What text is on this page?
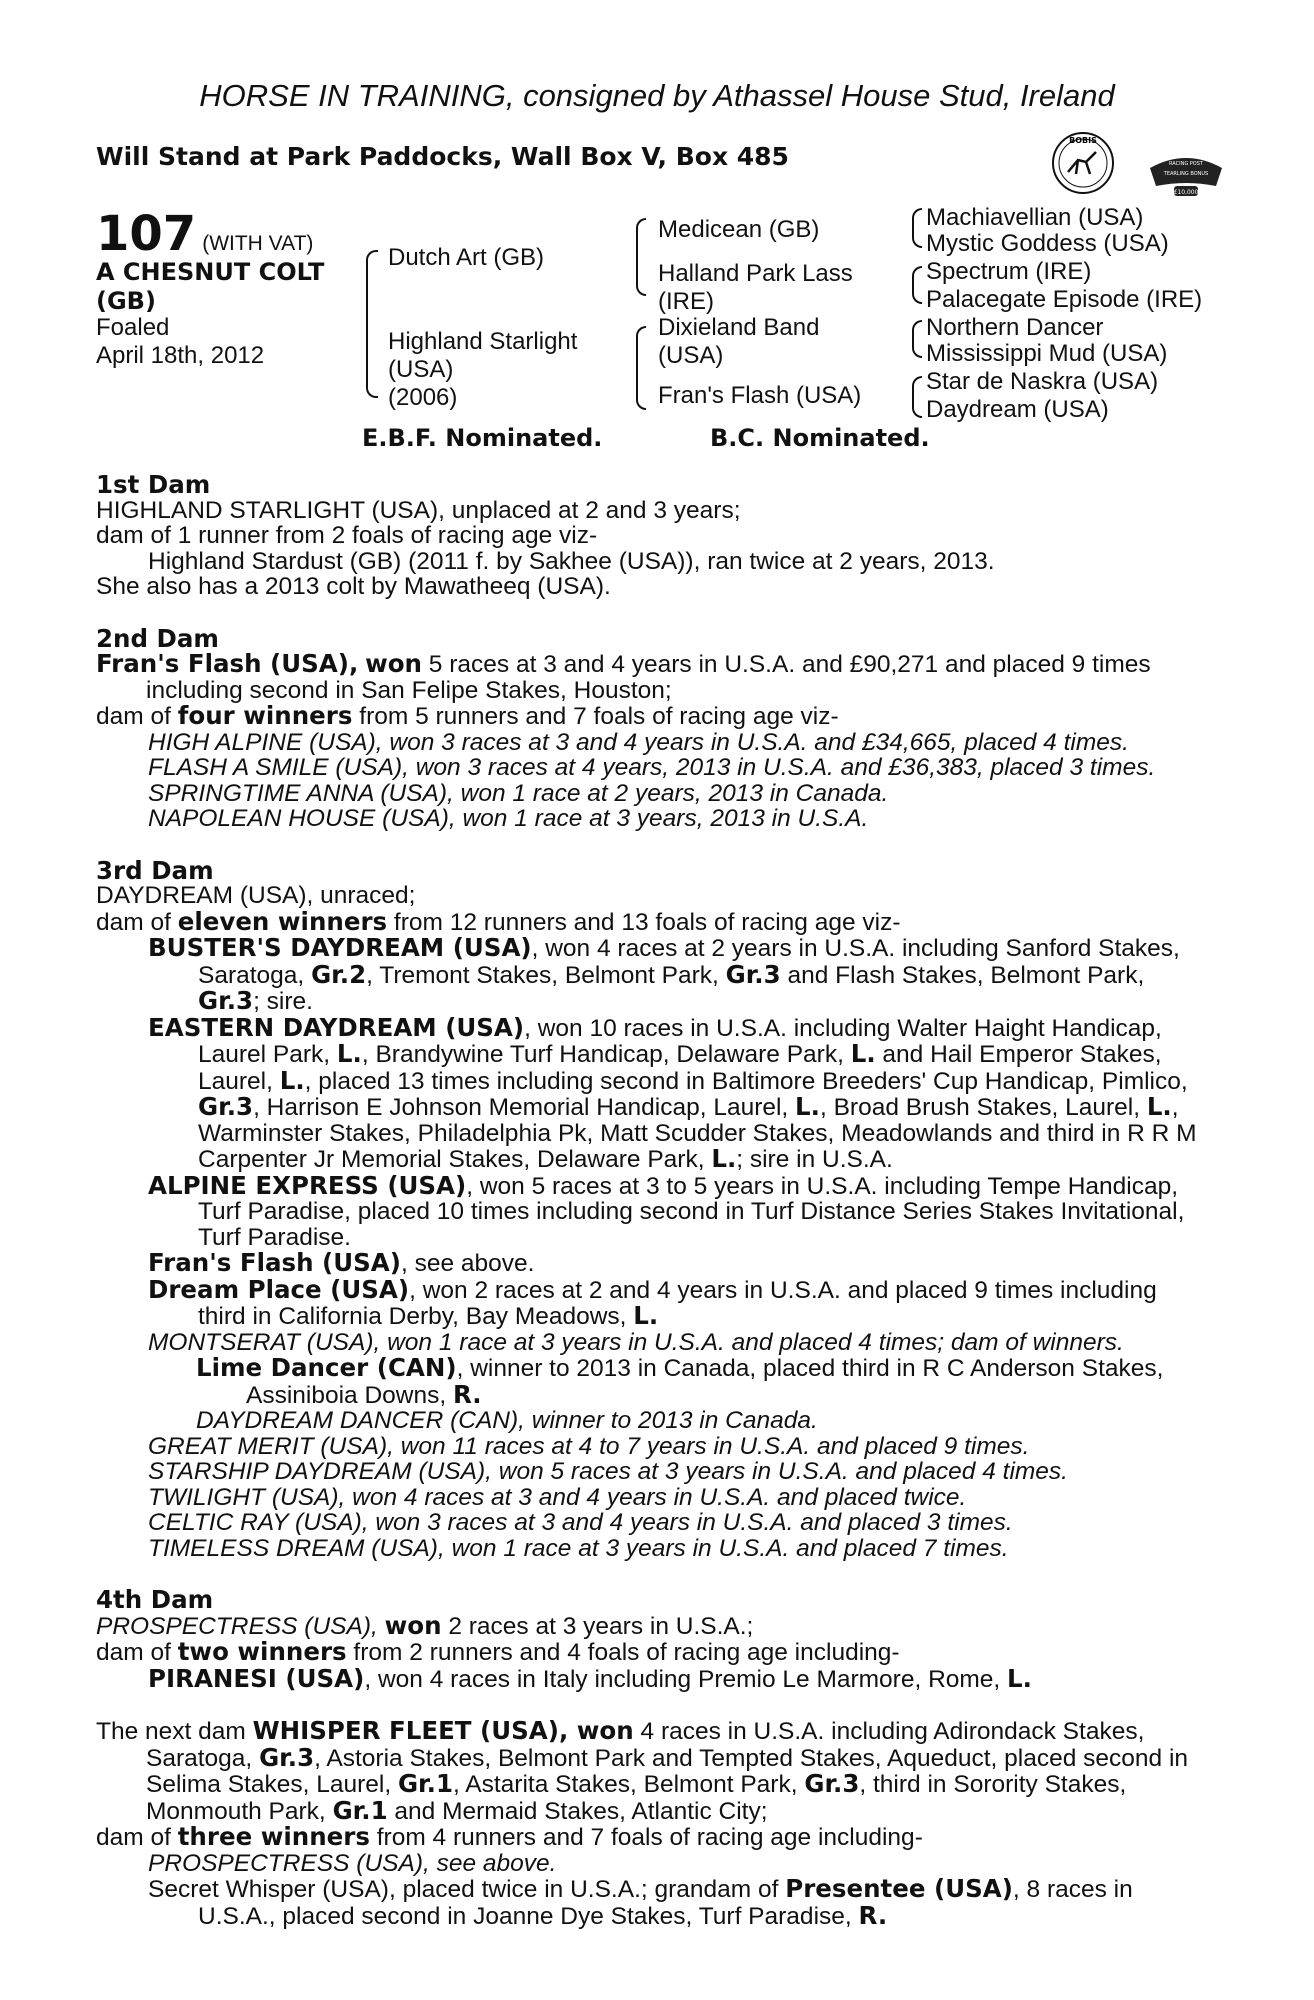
HORSE IN TRAINING, consigned by Athassel House Stud, Ireland
Will Stand at Park Paddocks, Wall Box V, Box 485
BOBIS
RACING POST
TEARLING BONUS
£10,000
107 (WITH VAT)
A CHESNUT COLT
(GB)
Foaled
April 18th, 2012
Dutch Art (GB)
Highland Starlight
(USA)
(2006)
Medicean (GB)
Halland Park Lass
(IRE)
Dixieland Band
(USA)
Fran's Flash (USA)
Machiavellian (USA)
Mystic Goddess (USA)
Spectrum (IRE)
Palacegate Episode (IRE)
Northern Dancer
Mississippi Mud (USA)
Star de Naskra (USA)
Daydream (USA)
E.B.F. Nominated.	B.C. Nominated.

1st Dam

HIGHLAND STARLIGHT (USA), unplaced at 2 and 3 years;

dam of 1 runner from 2 foals of racing age viz-

Highland Stardust (GB) (2011 f. by Sakhee (USA)), ran twice at 2 years, 2013.

She also has a 2013 colt by Mawatheeq (USA).

2nd Dam

Fran's Flash (USA), won 5 races at 3 and 4 years in U.S.A. and £90,271 and placed 9 times including second in San Felipe Stakes, Houston;

dam of four winners from 5 runners and 7 foals of racing age viz-

HIGH ALPINE (USA), won 3 races at 3 and 4 years in U.S.A. and £34,665, placed 4 times.

FLASH A SMILE (USA), won 3 races at 4 years, 2013 in U.S.A. and £36,383, placed 3 times.

SPRINGTIME ANNA (USA), won 1 race at 2 years, 2013 in Canada.

NAPOLEAN HOUSE (USA), won 1 race at 3 years, 2013 in U.S.A.

3rd Dam

DAYDREAM (USA), unraced;

dam of eleven winners from 12 runners and 13 foals of racing age viz-

BUSTER'S DAYDREAM (USA), won 4 races at 2 years in U.S.A. including Sanford Stakes, Saratoga, Gr.2, Tremont Stakes, Belmont Park, Gr.3 and Flash Stakes, Belmont Park, Gr.3; sire.

EASTERN DAYDREAM (USA), won 10 races in U.S.A. including Walter Haight Handicap, Laurel Park, L., Brandywine Turf Handicap, Delaware Park, L. and Hail Emperor Stakes, Laurel, L., placed 13 times including second in Baltimore Breeders' Cup Handicap, Pimlico, Gr.3, Harrison E Johnson Memorial Handicap, Laurel, L., Broad Brush Stakes, Laurel, L., Warminster Stakes, Philadelphia Pk, Matt Scudder Stakes, Meadowlands and third in R R M Carpenter Jr Memorial Stakes, Delaware Park, L.; sire in U.S.A.

ALPINE EXPRESS (USA), won 5 races at 3 to 5 years in U.S.A. including Tempe Handicap, Turf Paradise, placed 10 times including second in Turf Distance Series Stakes Invitational, Turf Paradise.

Fran's Flash (USA), see above.

Dream Place (USA), won 2 races at 2 and 4 years in U.S.A. and placed 9 times including third in California Derby, Bay Meadows, L.

MONTSERAT (USA), won 1 race at 3 years in U.S.A. and placed 4 times; dam of winners.

Lime Dancer (CAN), winner to 2013 in Canada, placed third in R C Anderson Stakes, Assiniboia Downs, R.

DAYDREAM DANCER (CAN), winner to 2013 in Canada.

GREAT MERIT (USA), won 11 races at 4 to 7 years in U.S.A. and placed 9 times.

STARSHIP DAYDREAM (USA), won 5 races at 3 years in U.S.A. and placed 4 times.

TWILIGHT (USA), won 4 races at 3 and 4 years in U.S.A. and placed twice.

CELTIC RAY (USA), won 3 races at 3 and 4 years in U.S.A. and placed 3 times.

TIMELESS DREAM (USA), won 1 race at 3 years in U.S.A. and placed 7 times.

4th Dam

PROSPECTRESS (USA), won 2 races at 3 years in U.S.A.;

dam of two winners from 2 runners and 4 foals of racing age including-

PIRANESI (USA), won 4 races in Italy including Premio Le Marmore, Rome, L.

The next dam WHISPER FLEET (USA), won 4 races in U.S.A. including Adirondack Stakes, Saratoga, Gr.3, Astoria Stakes, Belmont Park and Tempted Stakes, Aqueduct, placed second in Selima Stakes, Laurel, Gr.1, Astarita Stakes, Belmont Park, Gr.3, third in Sorority Stakes, Monmouth Park, Gr.1 and Mermaid Stakes, Atlantic City;

dam of three winners from 4 runners and 7 foals of racing age including-

PROSPECTRESS (USA), see above.

Secret Whisper (USA), placed twice in U.S.A.; grandam of Presentee (USA), 8 races in U.S.A., placed second in Joanne Dye Stakes, Turf Paradise, R.
